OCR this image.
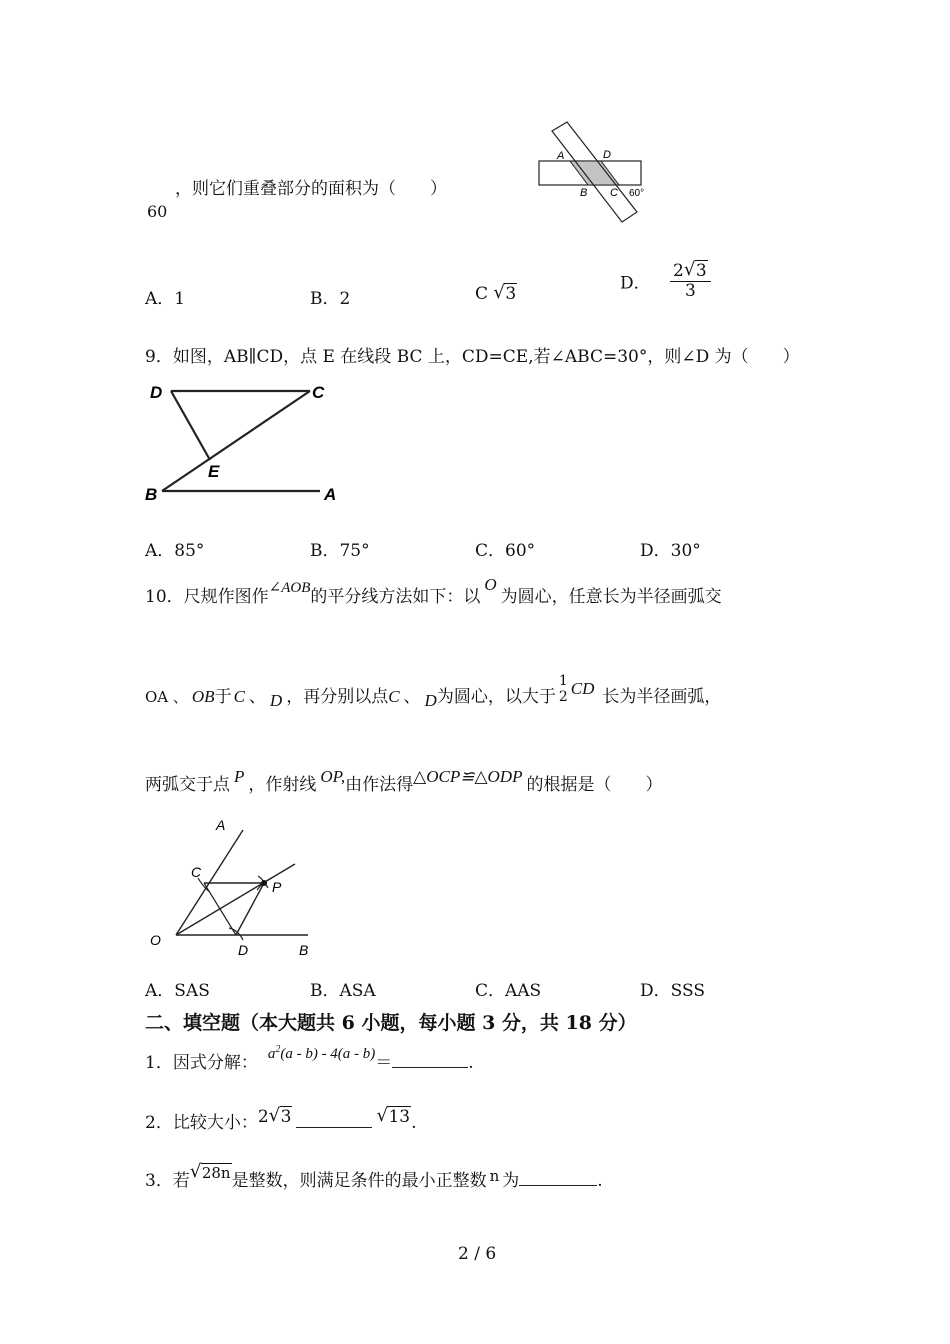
，则它们重叠部分的面积为（　　）
60
A	D
B C 60°
A．1	B．2	C √ 3
D． $\frac{2 √ 3}{3}$
9．如图，AB∥CD，点 E 在线段 BC 上，CD=CE,若∠ABC=30°，则∠D 为（　　）
D	C
E
B	A
A．85°	B．75°	C．60°	D．30°
10．尺规作图作∠AOB的平分线方法如下：以O为圆心，任意长为半径画弧交
OA 、 OB于 C 、 D ，再分别以点C 、 D为圆心，以大于
1
2 CD 长为半径画弧，
两弧交于点 P ，作射线 OP,由作法得△OCP≌△ODP 的根据是（　　）
A
C
P
O
D	B
A．SAS	B．ASA	C．AAS	D．SSS
二、填空题（本大题共 6 小题，每小题 3 分，共 18 分）
1．因式分解： $a^2(a - b) - 4(a - b)=$	.
2．比较大小：2 √ 3	√ 13.
3．若 √ 28n是整数，则满足条件的最小正整数 n 为	.
2 / 6
